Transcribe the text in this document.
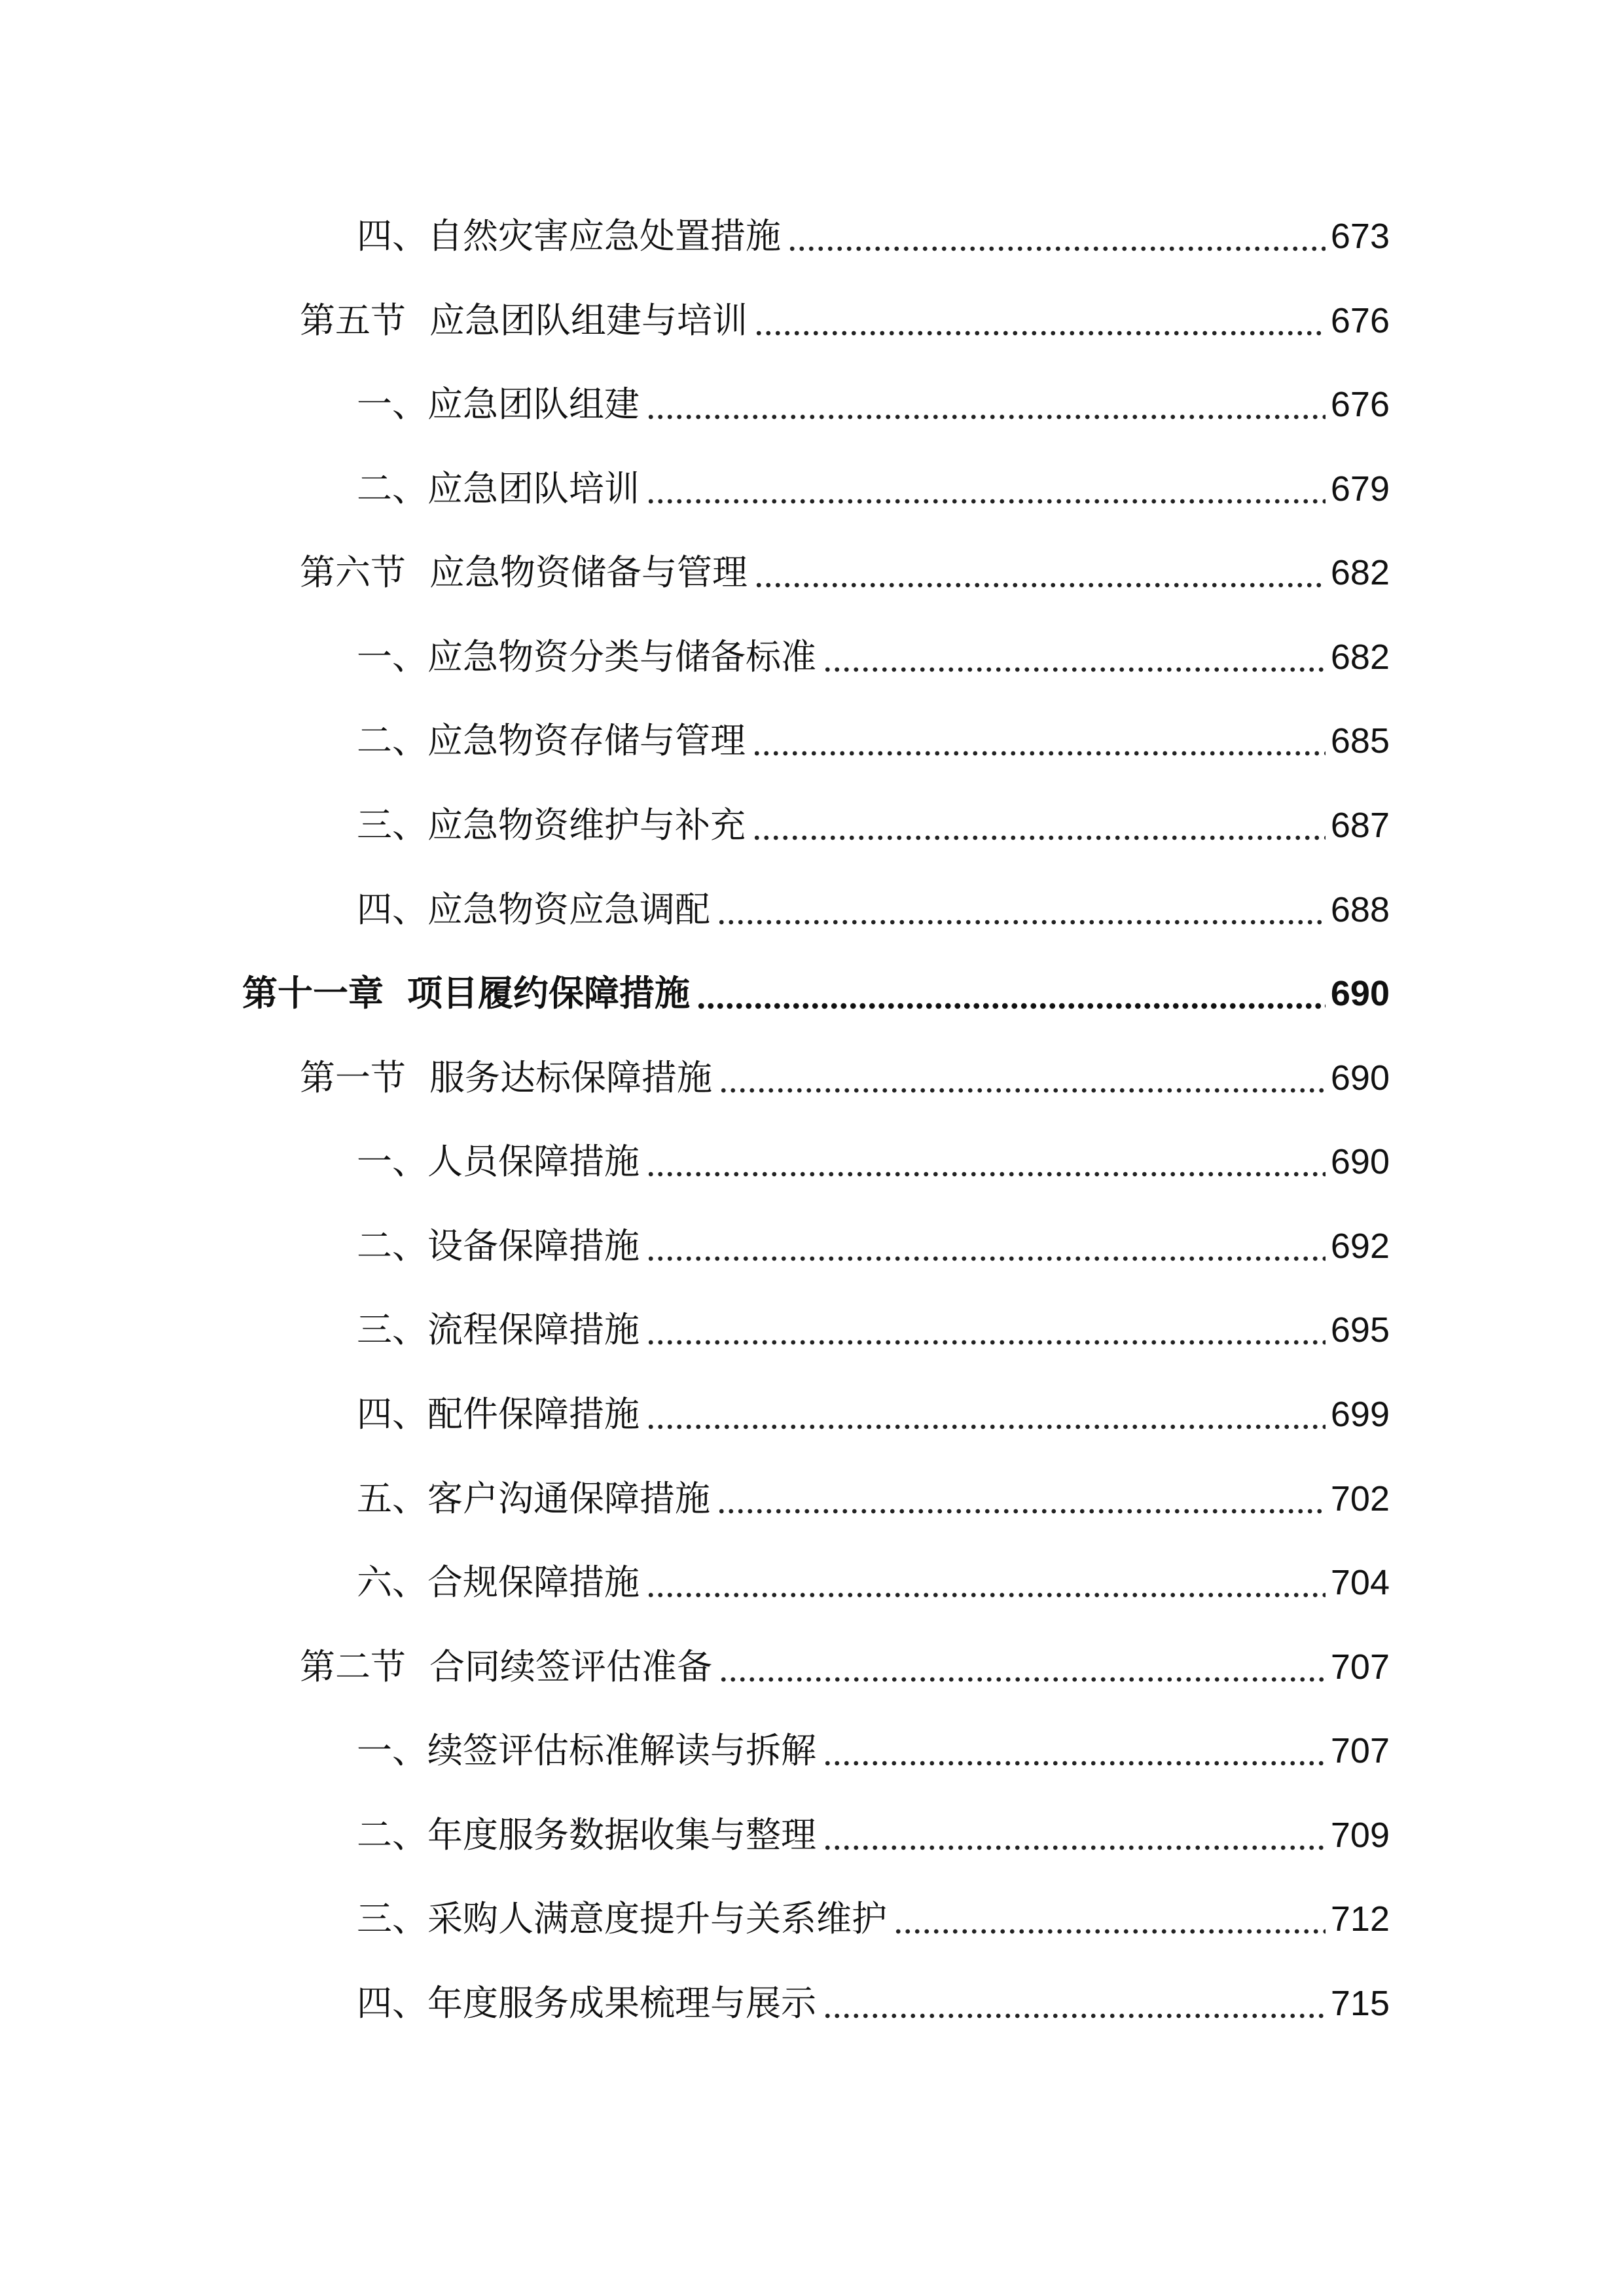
四、 自然灾害应急处置措施	673
第五节 应急团队组建与培训	676
一、 应急团队组建	676
二、 应急团队培训	679
第六节 应急物资储备与管理	682
一、 应急物资分类与储备标准	682
二、 应急物资存储与管理	685
三、 应急物资维护与补充	687
四、 应急物资应急调配	688
第十一章 项目履约保障措施	690
第一节 服务达标保障措施	690
一、 人员保障措施	690
二、 设备保障措施	692
三、 流程保障措施	695
四、 配件保障措施	699
五、 客户沟通保障措施	702
六、 合规保障措施	704
第二节 合同续签评估准备	707
一、 续签评估标准解读与拆解	707
二、 年度服务数据收集与整理	709
三、 采购人满意度提升与关系维护	712
四、 年度服务成果梳理与展示	715
